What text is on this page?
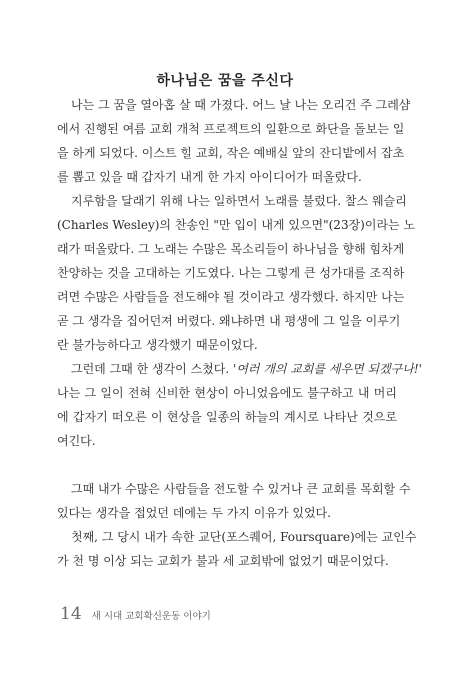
하나님은 꿈을 주신다
나는 그 꿈을 열아홉 살 때 가졌다. 어느 날 나는 오리건 주 그레샴
에서 진행된 여름 교회 개척 프로젝트의 일환으로 화단을 돌보는 일
을 하게 되었다. 이스트 힐 교회, 작은 예배실 앞의 잔디밭에서 잡초
를 뽑고 있을 때 갑자기 내게 한 가지 아이디어가 떠올랐다.
지루함을 달래기 위해 나는 일하면서 노래를 불렀다. 찰스 웨슬리
(Charles Wesley)의 찬송인 "만 입이 내게 있으면"(23장)이라는 노
래가 떠올랐다. 그 노래는 수많은 목소리들이 하나님을 향해 힘차게
찬양하는 것을 고대하는 기도였다. 나는 그렇게 큰 성가대를 조직하
려면 수많은 사람들을 전도해야 될 것이라고 생각했다. 하지만 나는
곧 그 생각을 집어던져 버렸다. 왜냐하면 내 평생에 그 일을 이루기
란 불가능하다고 생각했기 때문이었다.
그런데 그때 한 생각이 스쳤다. '여러 개의 교회를 세우면 되겠구나!'
나는 그 일이 전혀 신비한 현상이 아니었음에도 불구하고 내 머리
에 갑자기 떠오른 이 현상을 일종의 하늘의 계시로 나타난 것으로
여긴다.
그때 내가 수많은 사람들을 전도할 수 있거나 큰 교회를 목회할 수
있다는 생각을 접었던 데에는 두 가지 이유가 있었다.
첫째, 그 당시 내가 속한 교단(포스퀘어, Foursquare)에는 교인수
가 천 명 이상 되는 교회가 불과 세 교회밖에 없었기 때문이었다.
14 새 시대 교회확신운동 이야기
